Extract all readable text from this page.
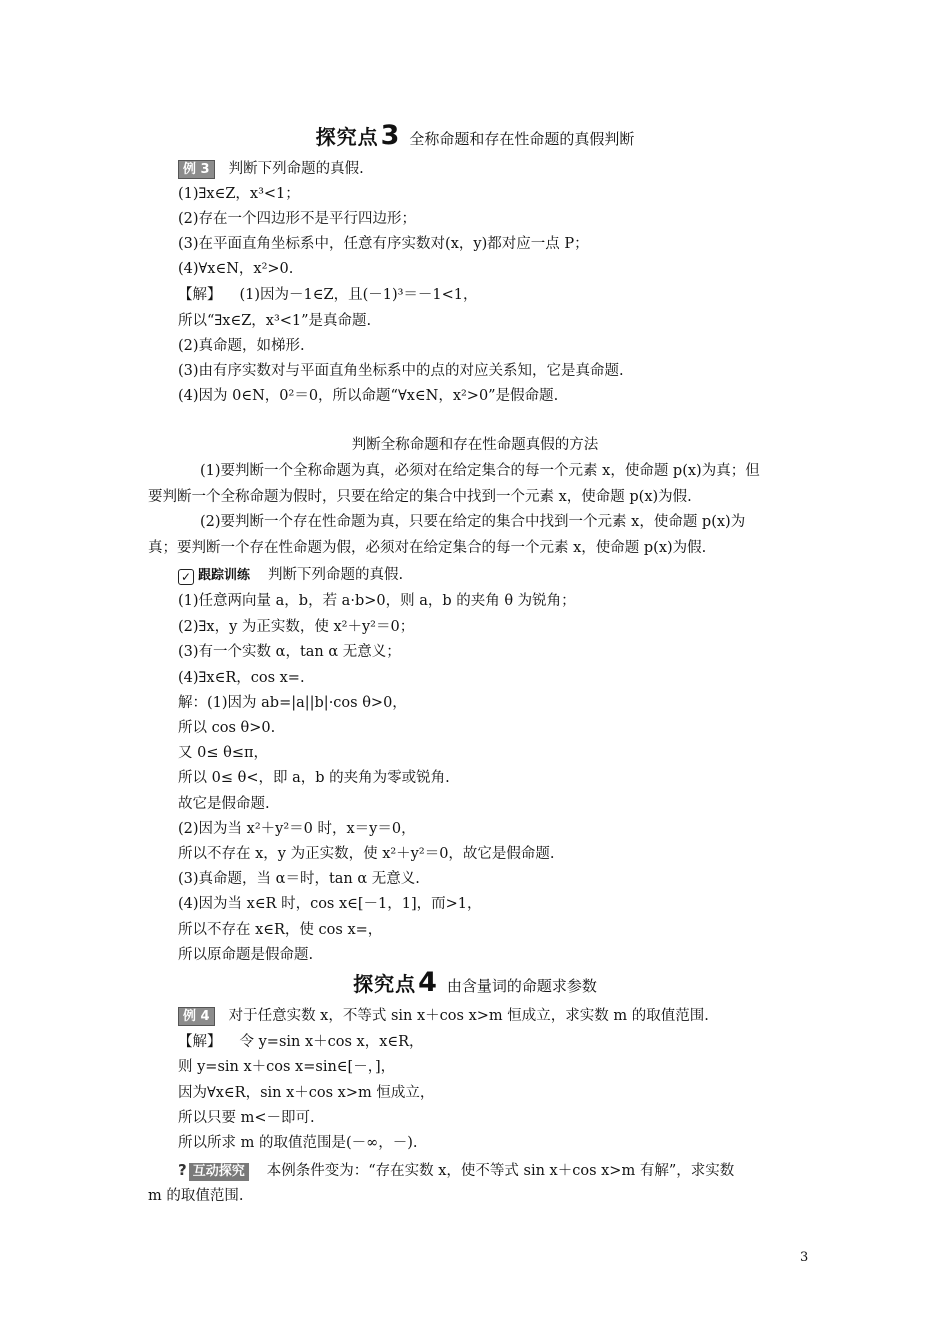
探究点3 全称命题和存在性命题的真假判断
例 3 判断下列命题的真假.
(1)∃x∈Z，x³<1；
(2)存在一个四边形不是平行四边形；
(3)在平面直角坐标系中，任意有序实数对(x，y)都对应一点 P；
(4)∀x∈N，x²>0.
【解】 (1)因为－1∈Z，且(－1)³＝－1<1，
所以“∃x∈Z，x³<1”是真命题.
(2)真命题，如梯形.
(3)由有序实数对与平面直角坐标系中的点的对应关系知，它是真命题.
(4)因为 0∈N，0²＝0，所以命题“∀x∈N，x²>0”是假命题.
判断全称命题和存在性命题真假的方法
(1)要判断一个全称命题为真，必须对在给定集合的每一个元素 x，使命题 p(x)为真；但
要判断一个全称命题为假时，只要在给定的集合中找到一个元素 x，使命题 p(x)为假.
(2)要判断一个存在性命题为真，只要在给定的集合中找到一个元素 x，使命题 p(x)为
真；要判断一个存在性命题为假，必须对在给定集合的每一个元素 x，使命题 p(x)为假.
✓ 跟踪训练 判断下列命题的真假.
(1)任意两向量 a，b，若 a·b>0，则 a，b 的夹角 θ 为锐角；
(2)∃x，y 为正实数，使 x²＋y²＝0；
(3)有一个实数 α，tan α 无意义；
(4)∃x∈R，cos x=.
解：(1)因为 ab=|a||b|·cos θ>0，
所以 cos θ>0.
又 0≤ θ≤π，
所以 0≤ θ<，即 a，b 的夹角为零或锐角.
故它是假命题.
(2)因为当 x²＋y²＝0 时，x＝y＝0，
所以不存在 x，y 为正实数，使 x²＋y²＝0，故它是假命题.
(3)真命题，当 α＝时，tan α 无意义.
(4)因为当 x∈R 时，cos x∈[－1，1]，而>1，
所以不存在 x∈R，使 cos x=，
所以原命题是假命题.
探究点4 由含量词的命题求参数
例 4 对于任意实数 x，不等式 sin x＋cos x>m 恒成立，求实数 m 的取值范围.
【解】 令 y=sin x＋cos x，x∈R，
则 y=sin x＋cos x=sin∈[－，]，
因为∀x∈R，sin x＋cos x>m 恒成立，
所以只要 m<－即可.
所以所求 m 的取值范围是(－∞，－).
? 互动探究 本例条件变为：“存在实数 x，使不等式 sin x＋cos x>m 有解”，求实数
m 的取值范围.
3
